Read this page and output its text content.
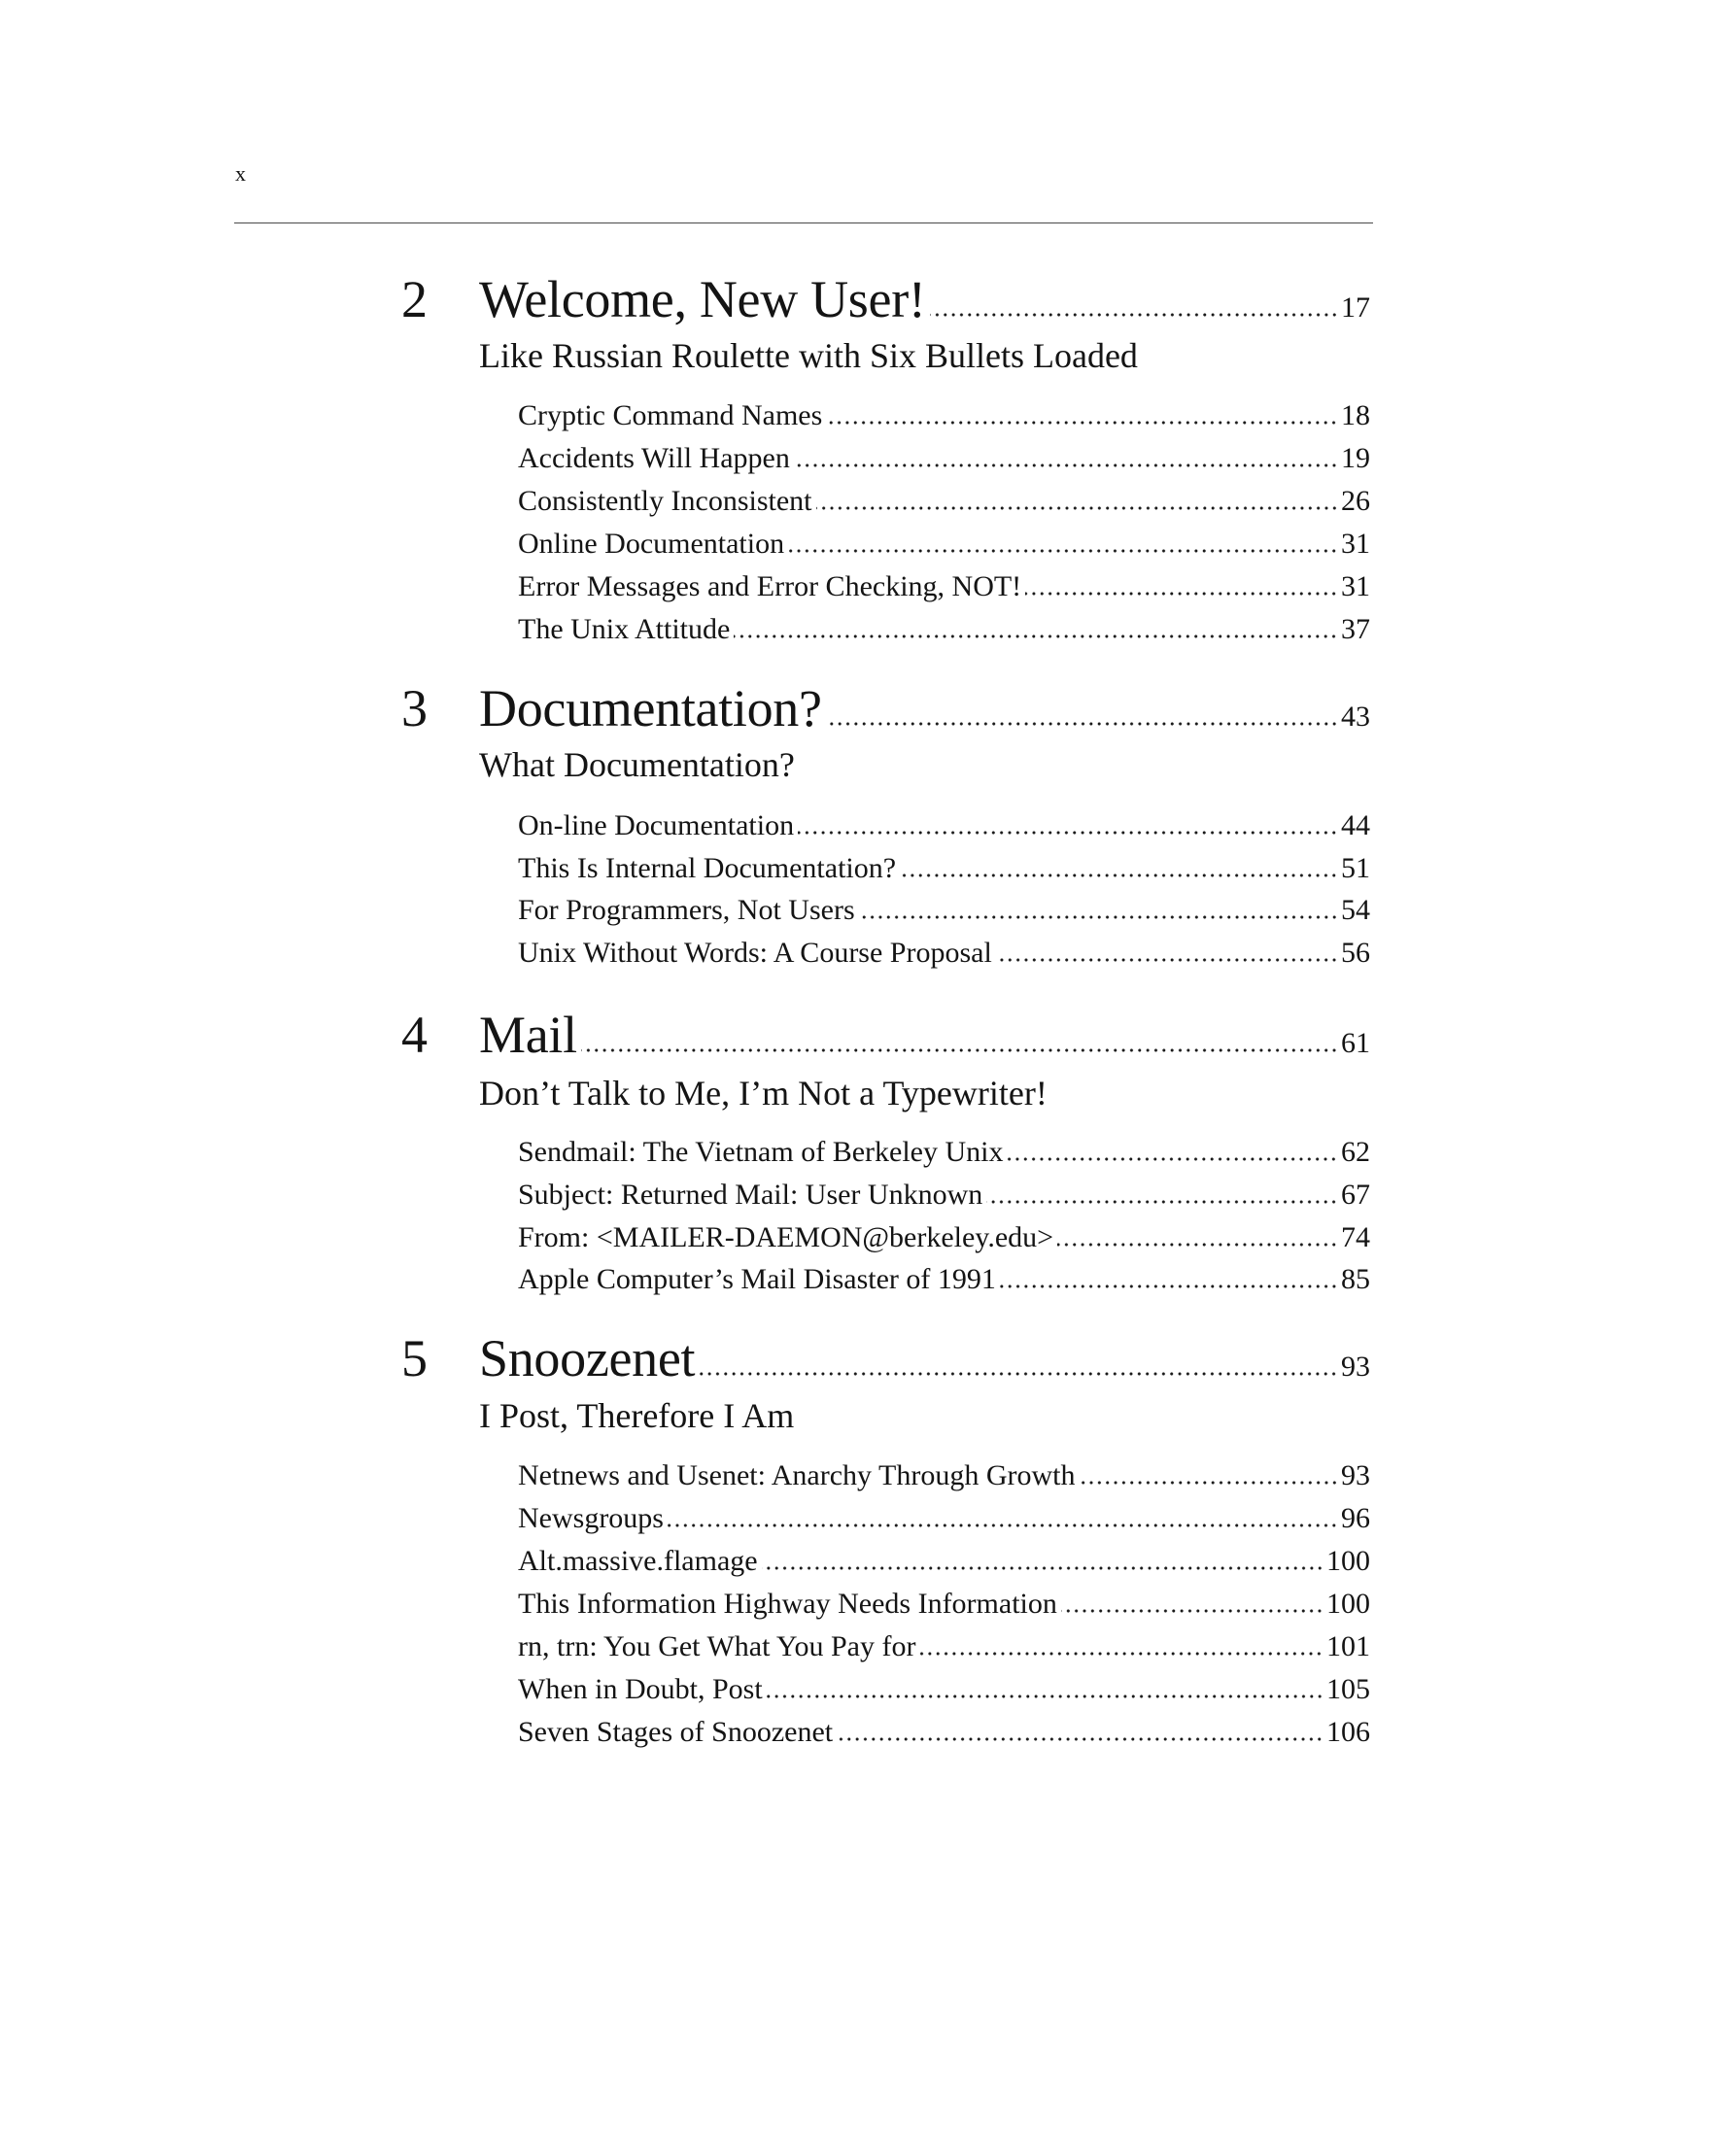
x
2 Welcome, New User!	17
Like Russian Roulette with Six Bullets Loaded
Cryptic Command Names	18
Accidents Will Happen	19
Consistently Inconsistent	26
Online Documentation	31
Error Messages and Error Checking, NOT!	31
The Unix Attitude	37
3 Documentation?	43
What Documentation?
On-line Documentation	44
This Is Internal Documentation?	51
For Programmers, Not Users	54
Unix Without Words: A Course Proposal	56
4 Mail	61
Don’t Talk to Me, I’m Not a Typewriter!
Sendmail: The Vietnam of Berkeley Unix	62
Subject: Returned Mail: User Unknown	67
From: <MAILER-DAEMON@berkeley.edu>	74
Apple Computer’s Mail Disaster of 1991	85
5 Snoozenet	93
I Post, Therefore I Am
Netnews and Usenet: Anarchy Through Growth	93
Newsgroups	96
Alt.massive.flamage	100
This Information Highway Needs Information	100
rn, trn: You Get What You Pay for	101
When in Doubt, Post	105
Seven Stages of Snoozenet	106
